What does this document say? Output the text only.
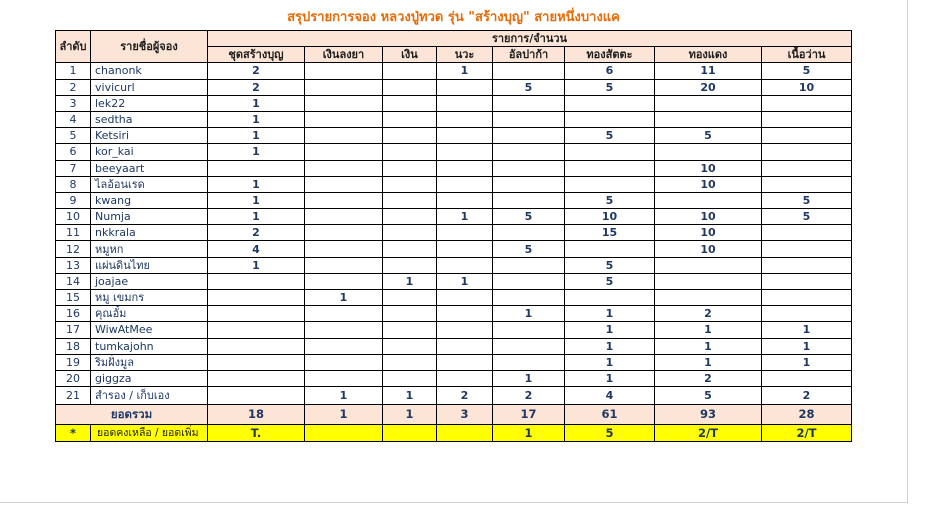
สรุปรายการจอง หลวงปู่ทวด รุ่น "สร้างบุญ" สายหนึ่งบางแค
ลำดับ	รายชื่อผู้จอง	รายการ/จำนวน							
		ชุดสร้างบุญ	เงินลงยา	เงิน	นวะ	อัลปาก้า	ทองสัตตะ	ทองแดง	เนื้อว่าน
1	chanonk	2			1		6	11	5
2	vivicurl	2				5	5	20	10
3	lek22	1							
4	sedtha	1							
5	Ketsiri	1					5	5	
6	kor_kai	1							
7	beeyaart							10	
8	ไลอ้อนเรด	1						10	
9	kwang	1					5		5
10	Numja	1			1	5	10	10	5
11	nkkrala	2					15	10	
12	หมูหก	4				5		10	
13	แผ่นดินไทย	1					5		
14	joajae			1	1		5		
15	หมู เขมกร		1						
16	คุณอั๋ม					1	1	2	
17	WiwAtMee						1	1	1
18	tumkajohn						1	1	1
19	ริมฝั่งมูล						1	1	1
20	giggza					1	1	2	
21	สำรอง / เก็บเอง		1	1	2	2	4	5	2
ยอดรวม		18	1	1	3	17	61	93	28
*	ยอดคงเหลือ / ยอดเพิ่ม	T.				1	5	2/T	2/T
